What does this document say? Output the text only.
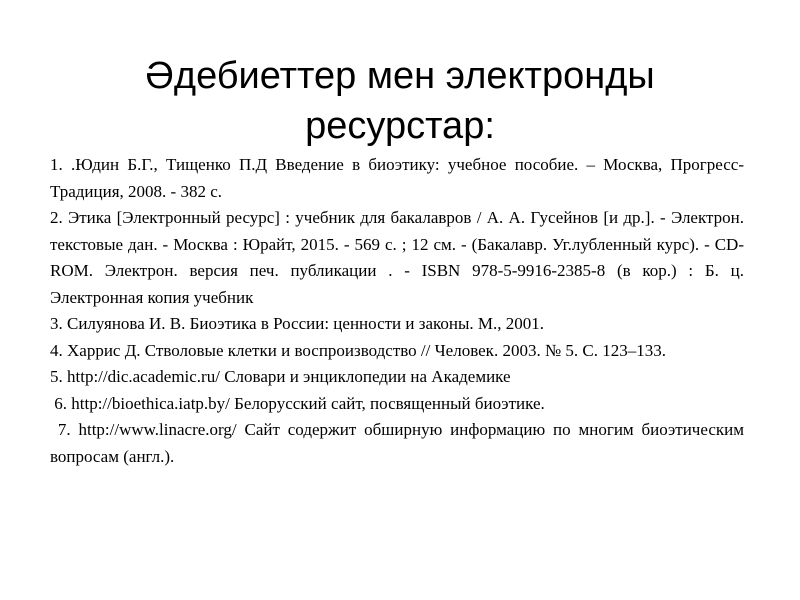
Әдебиеттер мен электронды
ресурстар:

1. .Юдин Б.Г., Тищенко П.Д Введение в биоэтику: учебное пособие. – Москва, Прогресс-Традиция, 2008. - 382 с.

2. Этика [Электронный ресурс] : учебник для бакалавров / А. А. Гусейнов [и др.]. - Электрон. текстовые дан. - Москва : Юрайт, 2015. - 569 с. ; 12 см. - (Бакалавр. Уг.лубленный курс). - CD-ROM. Электрон. версия печ. публикации . - ISBN 978-5-9916-2385-8 (в кор.) : Б. ц. Электронная копия учебник

3. Силуянова И. В. Биоэтика в России: ценности и законы. М., 2001.

4. Харрис Д. Стволовые клетки и воспроизводство // Человек. 2003. № 5. С. 123–133.

5. http://dic.academic.ru/ Словари и энциклопедии на Академике

6. http://bioethica.iatp.by/ Белорусский сайт, посвященный биоэтике.

7. http://www.linacre.org/ Сайт содержит обширную информацию по многим биоэтическим  вопросам (англ.).
